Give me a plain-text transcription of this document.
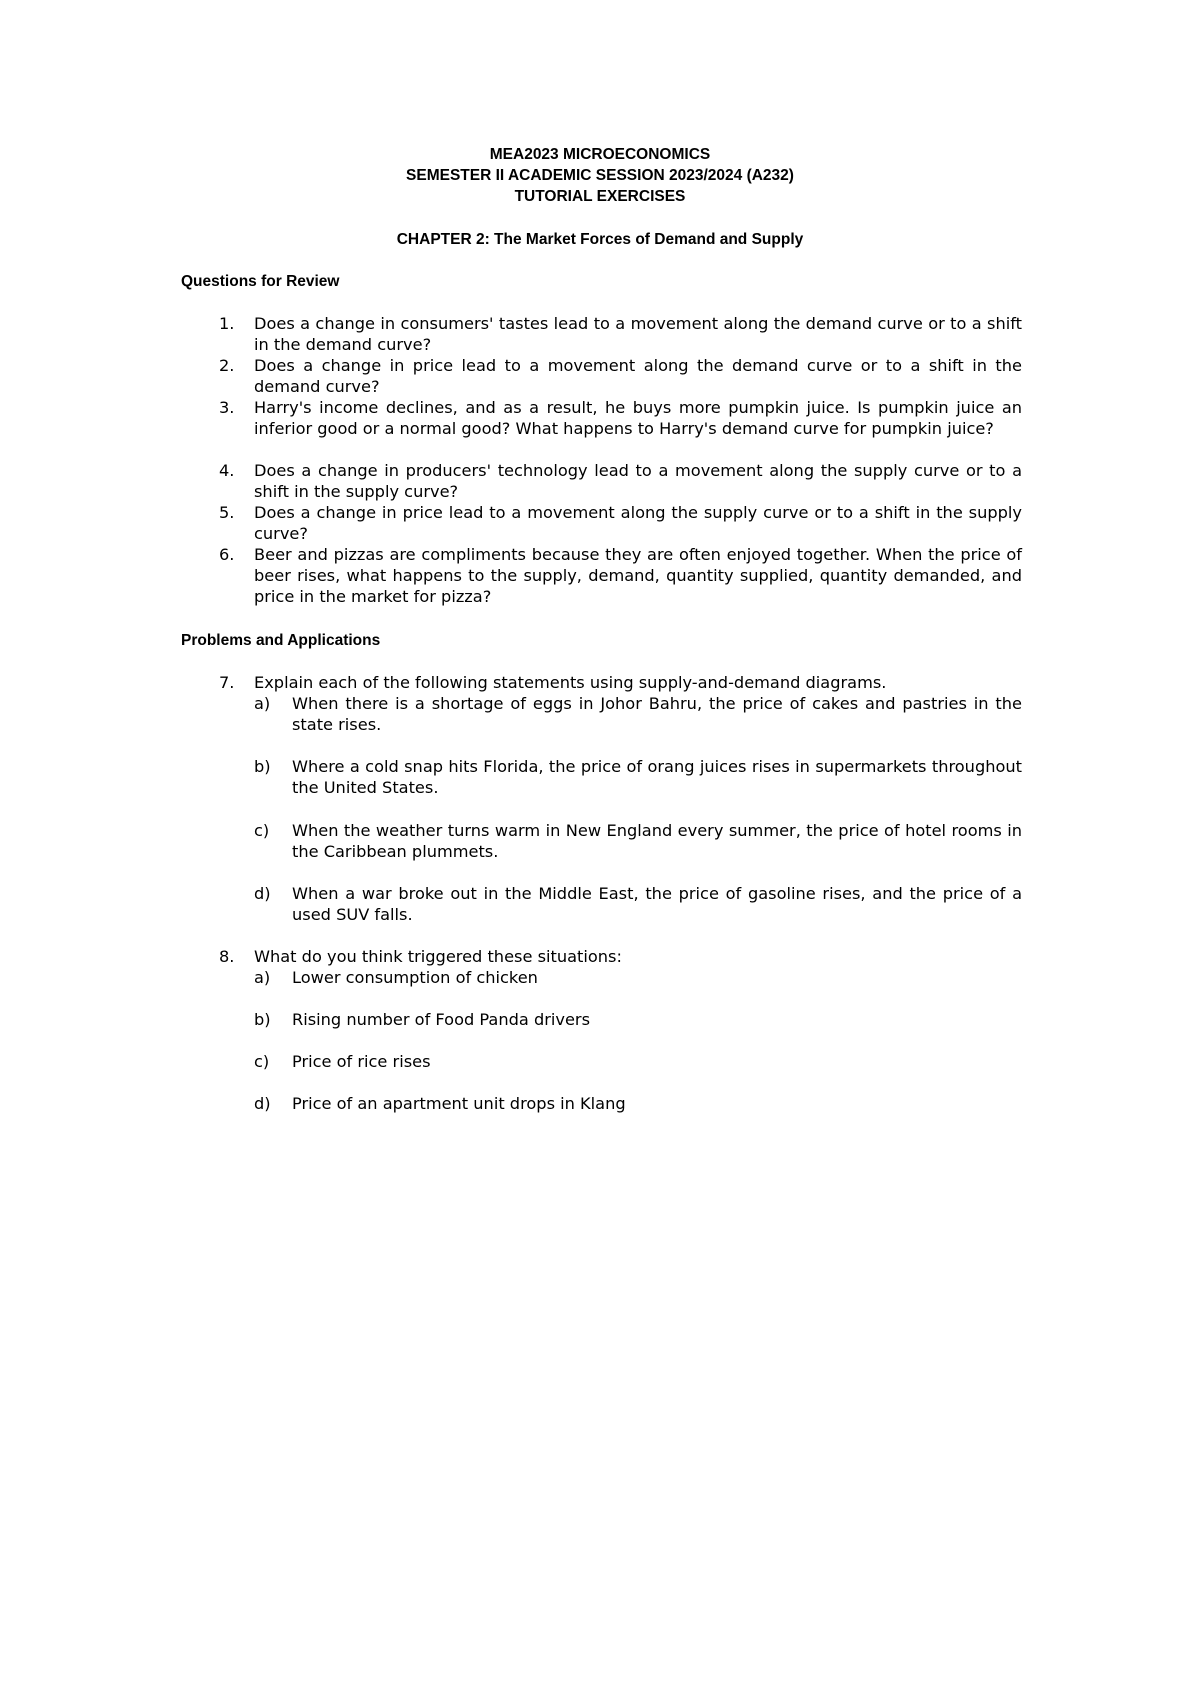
MEA2023 MICROECONOMICS
SEMESTER II ACADEMIC SESSION 2023/2024 (A232)
TUTORIAL EXERCISES
CHAPTER 2: The Market Forces of Demand and Supply
Questions for Review
1. Does a change in consumers' tastes lead to a movement along the demand curve or to a shift in the demand curve?
2. Does a change in price lead to a movement along the demand curve or to a shift in the demand curve?
3. Harry's income declines, and as a result, he buys more pumpkin juice. Is pumpkin juice an inferior good or a normal good? What happens to Harry's demand curve for pumpkin juice?
4. Does a change in producers' technology lead to a movement along the supply curve or to a shift in the supply curve?
5. Does a change in price lead to a movement along the supply curve or to a shift in the supply curve?
6. Beer and pizzas are compliments because they are often enjoyed together. When the price of beer rises, what happens to the supply, demand, quantity supplied, quantity demanded, and price in the market for pizza?
Problems and Applications
7. Explain each of the following statements using supply-and-demand diagrams.
a) When there is a shortage of eggs in Johor Bahru, the price of cakes and pastries in the state rises.
b) Where a cold snap hits Florida, the price of orang juices rises in supermarkets throughout the United States.
c) When the weather turns warm in New England every summer, the price of hotel rooms in the Caribbean plummets.
d) When a war broke out in the Middle East, the price of gasoline rises, and the price of a used SUV falls.
8. What do you think triggered these situations:
a) Lower consumption of chicken
b) Rising number of Food Panda drivers
c) Price of rice rises
d) Price of an apartment unit drops in Klang
